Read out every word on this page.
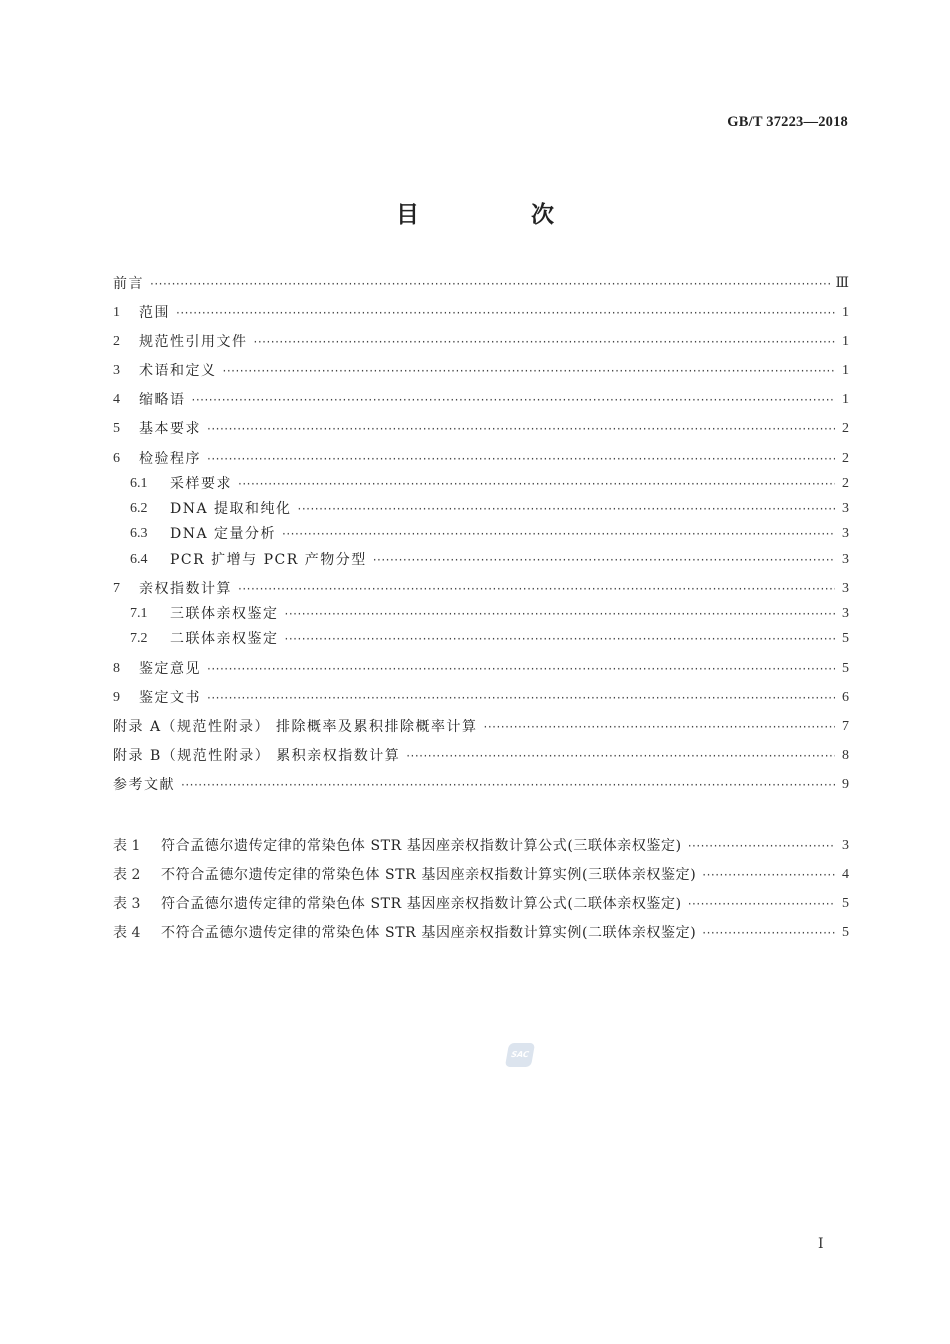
GB/T 37223—2018
目 次
前言 ·····	Ⅲ
1	范围 ·····	1
2	规范性引用文件 ·····	1
3	术语和定义 ·····	1
4	缩略语 ·····	1
5	基本要求 ·····	2
6	检验程序 ·····	2
6.1	采样要求 ·····	2
6.2	DNA 提取和纯化 ·····	3
6.3	DNA 定量分析 ·····	3
6.4	PCR 扩增与 PCR 产物分型 ·····	3
7	亲权指数计算 ·····	3
7.1	三联体亲权鉴定 ·····	3
7.2	二联体亲权鉴定 ·····	5
8	鉴定意见 ·····	5
9	鉴定文书 ·····	6
附录 A（规范性附录） 排除概率及累积排除概率计算 ·····	7
附录 B（规范性附录） 累积亲权指数计算 ·····	8
参考文献 ·····	9
表 1	符合孟德尔遗传定律的常染色体 STR 基因座亲权指数计算公式(三联体亲权鉴定) ·····	3
表 2	不符合孟德尔遗传定律的常染色体 STR 基因座亲权指数计算实例(三联体亲权鉴定) ·····	4
表 3	符合孟德尔遗传定律的常染色体 STR 基因座亲权指数计算公式(二联体亲权鉴定) ·····	5
表 4	不符合孟德尔遗传定律的常染色体 STR 基因座亲权指数计算实例(二联体亲权鉴定) ·····	5
SAC
Ⅰ
